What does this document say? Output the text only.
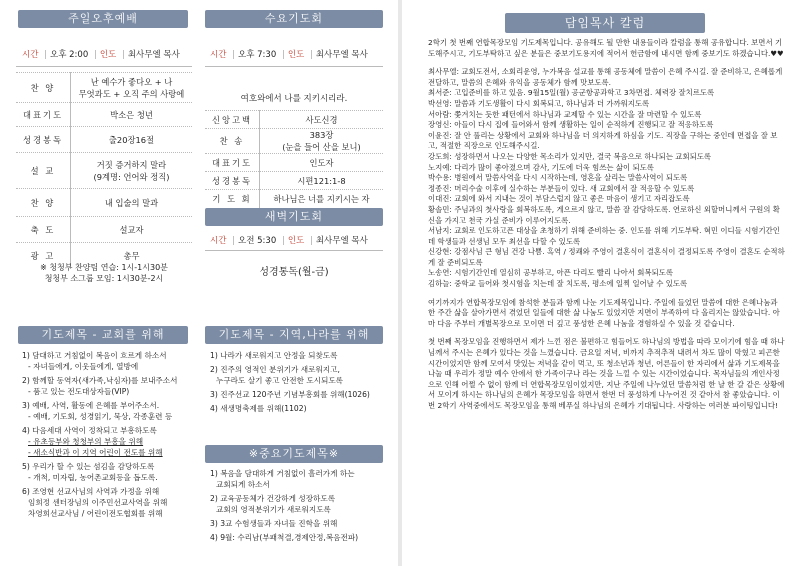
주일오후예배
시간 | 오후 2:00 | 인도 | 최사무엘 목사
찬 양	난 예수가 좋다오 + 나
무엇과도 + 오직 주의 사랑에

대표기도	박소은 청년

성경봉독	출20장16절

설 교	거짓 증거하지 말라
(9계명: 언어와 정직)

찬 양	내 입술의 말과

축 도	설교자

광 고	총무
※ 청청부 찬양팀 연습: 1시-1시30분
청청부 소그룹 모임: 1시30분-2시
수요기도회
시간 | 오후 7:30 | 인도 | 최사무엘 목사
여호와에서 나를 지키시리라.
신앙고백	사도신경

찬 송	383장
(눈을 들어 산을 보니)

대표기도	인도자

성경봉독	시편121:1-8

기 도 회	하나님은 너를 지키시는 자
새벽기도회
시간 | 오전 5:30 | 인도 | 최사무엘 목사
성경통독(월-금)
기도제목 - 교회를 위해
1) 담대하고 거침없이 복음이 흐르게 하소서
- 자녀들에게, 이웃들에게, 열방에
2) 함께할 동역자(새가족,낙심자)를 보내주소서
- 품고 있는 전도대상자들(VIP)
3) 예배, 사역, 활동에 은혜를 부어주소서.
- 예배, 기도회, 성경읽기, 묵상, 각종훈련 등
4) 다음세대 사역이 정착되고 부흥하도록
- 유초등부와 청청부의 부흥을 위해
- 새소식반과 이 지역 어린이 전도를 위해
5) 우리가 할 수 있는 섬김을 감당하도록
- 개척, 미자립, 농어촌교회등을 돕도록.
6) 조영현 선교사님의 사역과 가정을 위해
임희정 센터장님의 이주민선교사역을 위해
차영희선교사님 / 어린이전도협회를 위해
기도제목 - 지역,나라를 위해
1) 나라가 새로워지고 안정을 되찾도록
2) 진주의 영적인 분위기가 새로워지고,
누구라도 살기 좋고 안전한 도시되도록
3) 진주선교 120주년 기념부흥회를 위해(1026)
4) 새생명축제를 위해(1102)
※중요기도제목※
1) 복음을 담대하게 거침없이 흘러가게 하는
교회되게 하소서
2) 교육공동체가 건강하게 성장하도록
교회의 영적분위기가 새로워지도록
3) 3교 수험생들과 자녀들 진학을 위해
4) 9월: 수리남(부패척결,경제안정,복음전파)
담임목사 칼럼

2학기 첫 번째 연합목장모임 기도제목입니다. 공유해도 될 만한 내용들이라 칼럼을 통해 공유합니다. 보면서 기도해주시고, 기도부탁하고 싶은 분들은 중보기도용지에 적어서 헌금함에 내시면 함께 중보기도 하겠습니다.♥♥

최사무엘: 교회도전서, 소회리운영, 누가복음 설교를 통해 공동체에 말씀이 은혜 주시길. 잘 준비하고, 은혜롭게 전달하고, 말씀의 은혜와 유익을 공동체가 함께 맛보도록.
최서준: 고입준비를 하고 있음. 9월15일(월) 공군항공과학고 3차면접. 체력장 잘치르도록
박선영: 말씀과 기도생활이 다시 회복되고, 하나님과 더 가까워지도록
서아람: 쫓겨치는 듯한 패턴에서 하나님과 교제할 수 있는 시간을 잘 마련할 수 있도록
장영신: 아들이 다시 집에 들어와서 함께 생활하는 일이 순적하게 진행되고 잘 적응하도록
이윤진: 잘 안 풀리는 상황에서 교회와 하나님을 더 의지하게 하심을 기도. 직장을 구하는 중인데 면접을 잘 보고, 적절한 직장으로 인도해주시길.
강도희: 성장하면서 나오는 다양한 목소리가 있지만, 결국 복음으로 하나되는 교회되도록
노지예: 다리가 많이 좋아졌으며 감사, 기도에 더욱 힘쓰는 삶이 되도록
박수용: 병원에서 말씀사역을 다시 시작하는데, 영혼을 살리는 말씀사역이 되도록
정종진: 머리수술 이후에 실수하는 부분들이 있다. 새 교회에서 잘 적응할 수 있도록
이대진: 교회에 와서 지내는 것이 부담스럽지 않고 좋은 마음이 생기고 자리잡도록
황솔민: 주님과의 첫사랑을 회복하도록, 게으르지 않고, 말씀 잘 감당하도록. 연로하신 외할머니께서 구원의 확신을 가지고 천국 가실 준비가 이루어지도록.
서남지: 교회로 인도하고픈 대상을 초청하기 위해 준비하는 중. 인도를 위해 기도부탁. 혁민 이디들 시험기간인데 학생들과 선생님 모두 최선을 다할 수 있도록
신강현: 강점사님 큰 형님 건강 나쁨. 흑역 / 정쾌와 주영이 결혼식이 결혼식이 결정되도록 주영이 결혼도 순적하게 잘 준비되도록
노송연: 시험기간인데 열심히 공부하고, 아픈 다리도 빨리 나아서 회복되도록
김하늘: 중학교 들어와 첫시험을 치는데 잘 치도록, 평소에 일찍 일어날 수 있도록

여기까지가 연합목장모임에 참석한 분들과 함께 나눈 기도제목입니다. 주일에 들었던 말씀에 대한 은혜나눔과 한 주간 삶을 살아가면서 겪었던 일들에 대한 삶 나눔도 있었지만 지면이 부족하여 다 올리지는 않았습니다. 아마 다음 주부터 개별목장으로 모이면 더 깊고 풍성한 은혜 나눔을 경험하실 수 있을 것 같습니다.

첫 번째 목장모임을 진행하면서 제가 느낀 점은 불편하고 힘들어도 하나님의 방법을 따라 모이기에 힘을 때 하나님께서 주시는 은혜가 있다는 것을 느꼈습니다. 금요일 저녁, 비까지 추적추적 내려서 차도 많이 막혔고 피곤한 시간이었지만 함께 모여서 맛있는 저녁을 같이 먹고, 또 청소년과 청년, 어른들이 한 자리에서 삶과 기도제목을 나눌 때 우리가 정말 예수 안에서 한 가족이구나 라는 것을 느낄 수 있는 시간이었습니다. 목자님들의 개인사정으로 인해 어쩔 수 없이 함께 더 연합목장모임이었지만, 지난 주일에 나누었던 말씀처럼 한 날 한 갈 같은 상황에서 모이게 하시는 하나님의 은혜가 목장모임을 하면서 한번 더 풍성하게 나누어진 것 같아서 참 좋았습니다. 이번 2학기 사역중에서도 목장모임을 통해 베푸실 하나님의 은혜가 기대됩니다. 사랑하는 여러분 파이팅입니다!
